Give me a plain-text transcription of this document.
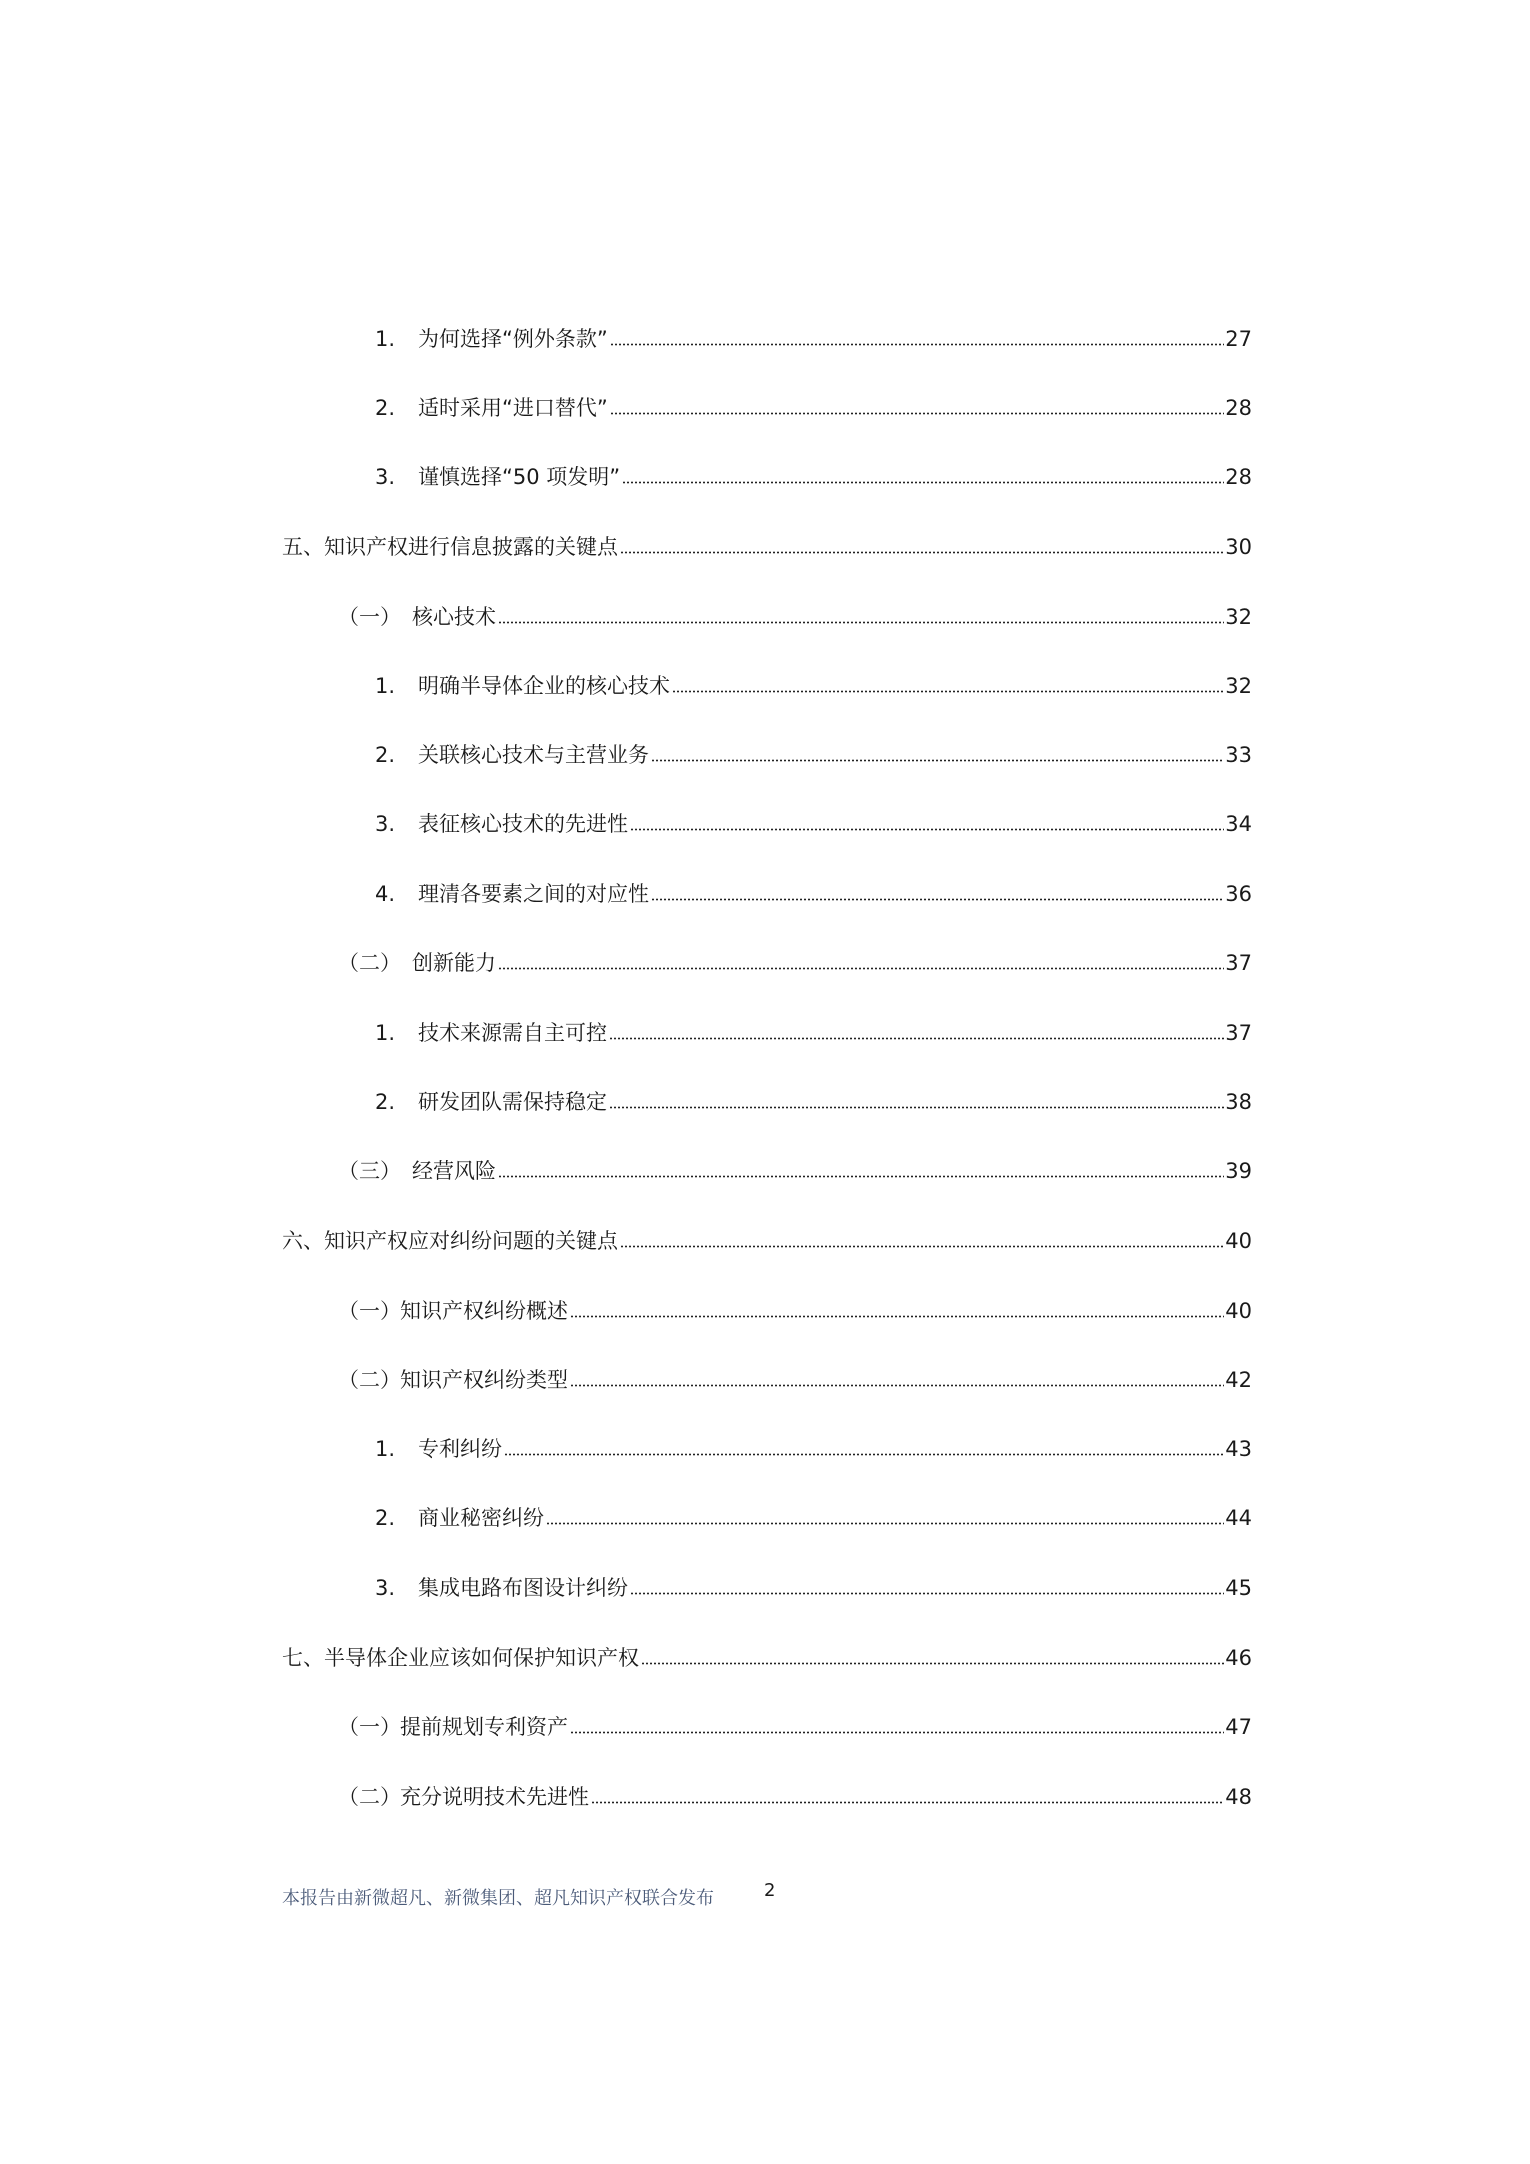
1.	为何选择“例外条款”	27
2.	适时采用“进口替代”	28
3.	谨慎选择“50 项发明”	28
五、 知识产权进行信息披露的关键点	30
（一） 核心技术	32
1.	明确半导体企业的核心技术	32
2.	关联核心技术与主营业务	33
3.	表征核心技术的先进性	34
4.	理清各要素之间的对应性	36
（二） 创新能力	37
1.	技术来源需自主可控	37
2.	研发团队需保持稳定	38
（三） 经营风险	39
六、 知识产权应对纠纷问题的关键点	40
（一） 知识产权纠纷概述	40
（二） 知识产权纠纷类型	42
1.	专利纠纷	43
2.	商业秘密纠纷	44
3.	集成电路布图设计纠纷	45
七、 半导体企业应该如何保护知识产权	46
（一） 提前规划专利资产	47
（二） 充分说明技术先进性	48
本报告由新微超凡、新微集团、超凡知识产权联合发布	2
